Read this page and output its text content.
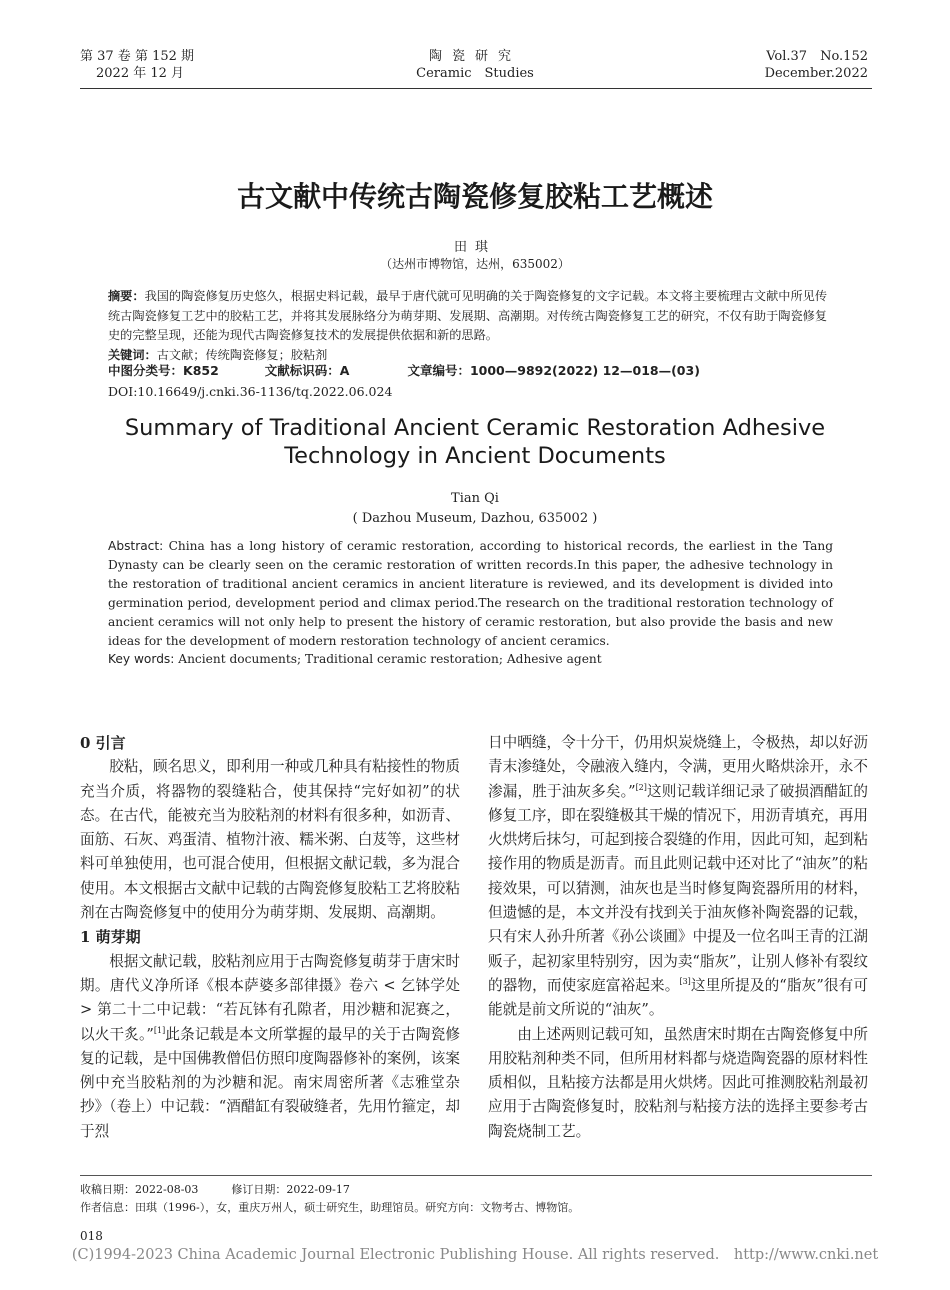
第 37 卷 第 152 期
2022 年 12 月
陶瓷研究
Ceramic　Studies
Vol.37　No.152
December.2022
古文献中传统古陶瓷修复胶粘工艺概述
田琪
（达州市博物馆，达州，635002）
摘要：我国的陶瓷修复历史悠久，根据史料记载，最早于唐代就可见明确的关于陶瓷修复的文字记载。本文将主要梳理古文献中所见传统古陶瓷修复工艺中的胶粘工艺，并将其发展脉络分为萌芽期、发展期、高潮期。对传统古陶瓷修复工艺的研究，不仅有助于陶瓷修复史的完整呈现，还能为现代古陶瓷修复技术的发展提供依据和新的思路。
关键词：古文献；传统陶瓷修复；胶粘剂
中图分类号：K852	文献标识码：A	文章编号：1000—9892(2022) 12—018—(03)
DOI:10.16649/j.cnki.36-1136/tq.2022.06.024
Summary of Traditional Ancient Ceramic Restoration Adhesive
Technology in Ancient Documents
Tian Qi
( Dazhou Museum, Dazhou, 635002 )
Abstract: China has a long history of ceramic restoration, according to historical records, the earliest in the Tang Dynasty can be clearly seen on the ceramic restoration of written records.In this paper, the adhesive technology in the restoration of traditional ancient ceramics in ancient literature is reviewed, and its development is divided into germination period, development period and climax period.The research on the traditional restoration technology of ancient ceramics will not only help to present the history of ceramic restoration, but also provide the basis and new ideas for the development of modern restoration technology of ancient ceramics.
Key words: Ancient documents; Traditional ceramic restoration; Adhesive agent
0 引言

胶粘，顾名思义，即利用一种或几种具有粘接性的物质充当介质，将器物的裂缝粘合，使其保持“完好如初”的状态。在古代，能被充当为胶粘剂的材料有很多种，如沥青、面筋、石灰、鸡蛋清、植物汁液、糯米粥、白芨等，这些材料可单独使用，也可混合使用，但根据文献记载，多为混合使用。本文根据古文献中记载的古陶瓷修复胶粘工艺将胶粘剂在古陶瓷修复中的使用分为萌芽期、发展期、高潮期。

1 萌芽期

根据文献记载，胶粘剂应用于古陶瓷修复萌芽于唐宋时期。唐代义净所译《根本萨婆多部律摄》卷六 < 乞钵学处 > 第二十二中记载：“若瓦钵有孔隙者，用沙糖和泥赛之，以火干炙。”[1]此条记载是本文所掌握的最早的关于古陶瓷修复的记载，是中国佛教僧侣仿照印度陶器修补的案例，该案例中充当胶粘剂的为沙糖和泥。南宋周密所著《志雅堂杂抄》（卷上）中记载：“酒醋缸有裂破缝者，先用竹箍定，却于烈

日中晒缝，令十分干，仍用炽炭烧缝上，令极热，却以好沥青末渗缝处，令融液入缝内，令满，更用火略烘涂开，永不渗漏，胜于油灰多矣。”[2]这则记载详细记录了破损酒醋缸的修复工序，即在裂缝极其干燥的情况下，用沥青填充，再用火烘烤后抹匀，可起到接合裂缝的作用，因此可知，起到粘接作用的物质是沥青。而且此则记载中还对比了“油灰”的粘接效果，可以猜测，油灰也是当时修复陶瓷器所用的材料，但遗憾的是，本文并没有找到关于油灰修补陶瓷器的记载，只有宋人孙升所著《孙公谈圃》中提及一位名叫王青的江湖贩子，起初家里特别穷，因为卖“脂灰”，让别人修补有裂纹的器物，而使家庭富裕起来。[3]这里所提及的“脂灰”很有可能就是前文所说的“油灰”。

由上述两则记载可知，虽然唐宋时期在古陶瓷修复中所用胶粘剂种类不同，但所用材料都与烧造陶瓷器的原材料性质相似，且粘接方法都是用火烘烤。因此可推测胶粘剂最初应用于古陶瓷修复时，胶粘剂与粘接方法的选择主要参考古陶瓷烧制工艺。

收稿日期：2022-08-03　　　修订日期：2022-09-17
作者信息：田琪（1996-），女，重庆万州人，硕士研究生，助理馆员。研究方向：文物考古、博物馆。
018
(C)1994-2023 China Academic Journal Electronic Publishing House. All rights reserved.　http://www.cnki.net
